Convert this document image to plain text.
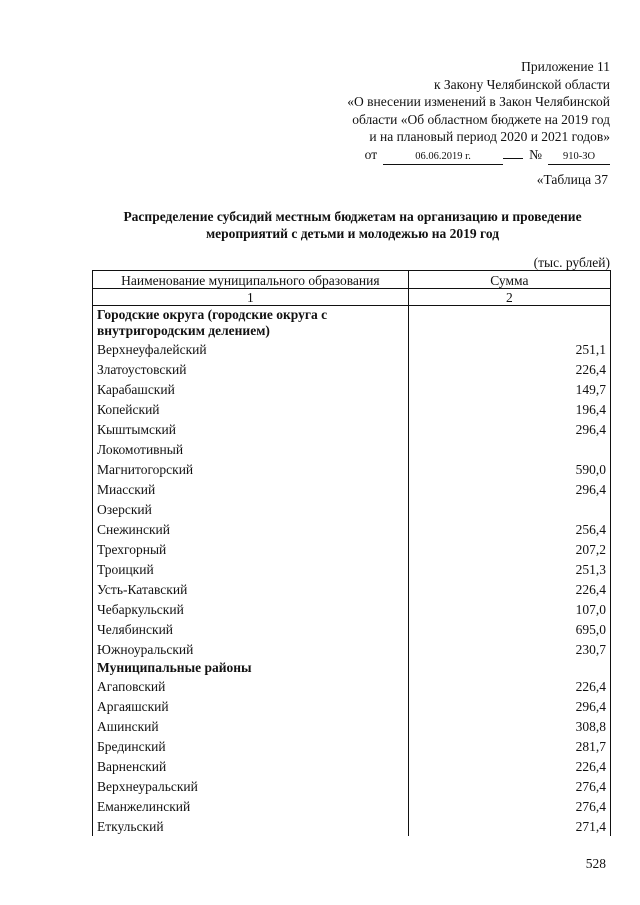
Приложение 11
к Закону Челябинской области
«О внесении изменений в Закон Челябинской
области «Об областном бюджете на 2019 год
и на плановый период 2020 и 2021 годов»
от	06.06.2019 г.	№	910-ЗО
«Таблица 37
Распределение субсидий местным бюджетам на организацию и проведение мероприятий с детьми и молодежью на 2019 год
(тыс. рублей)
Наименование муниципального образования	Сумма
1	2
Городские округа (городские округа с внутригородским делением)	
Верхнеуфалейский	251,1
Златоустовский	226,4
Карабашский	149,7
Копейский	196,4
Кыштымский	296,4
Локомотивный	
Магнитогорский	590,0
Миасский	296,4
Озерский	
Снежинский	256,4
Трехгорный	207,2
Троицкий	251,3
Усть-Катавский	226,4
Чебаркульский	107,0
Челябинский	695,0
Южноуральский	230,7
Муниципальные районы	
Агаповский	226,4
Аргаяшский	296,4
Ашинский	308,8
Брединский	281,7
Варненский	226,4
Верхнеуральский	276,4
Еманжелинский	276,4
Еткульский	271,4
528
